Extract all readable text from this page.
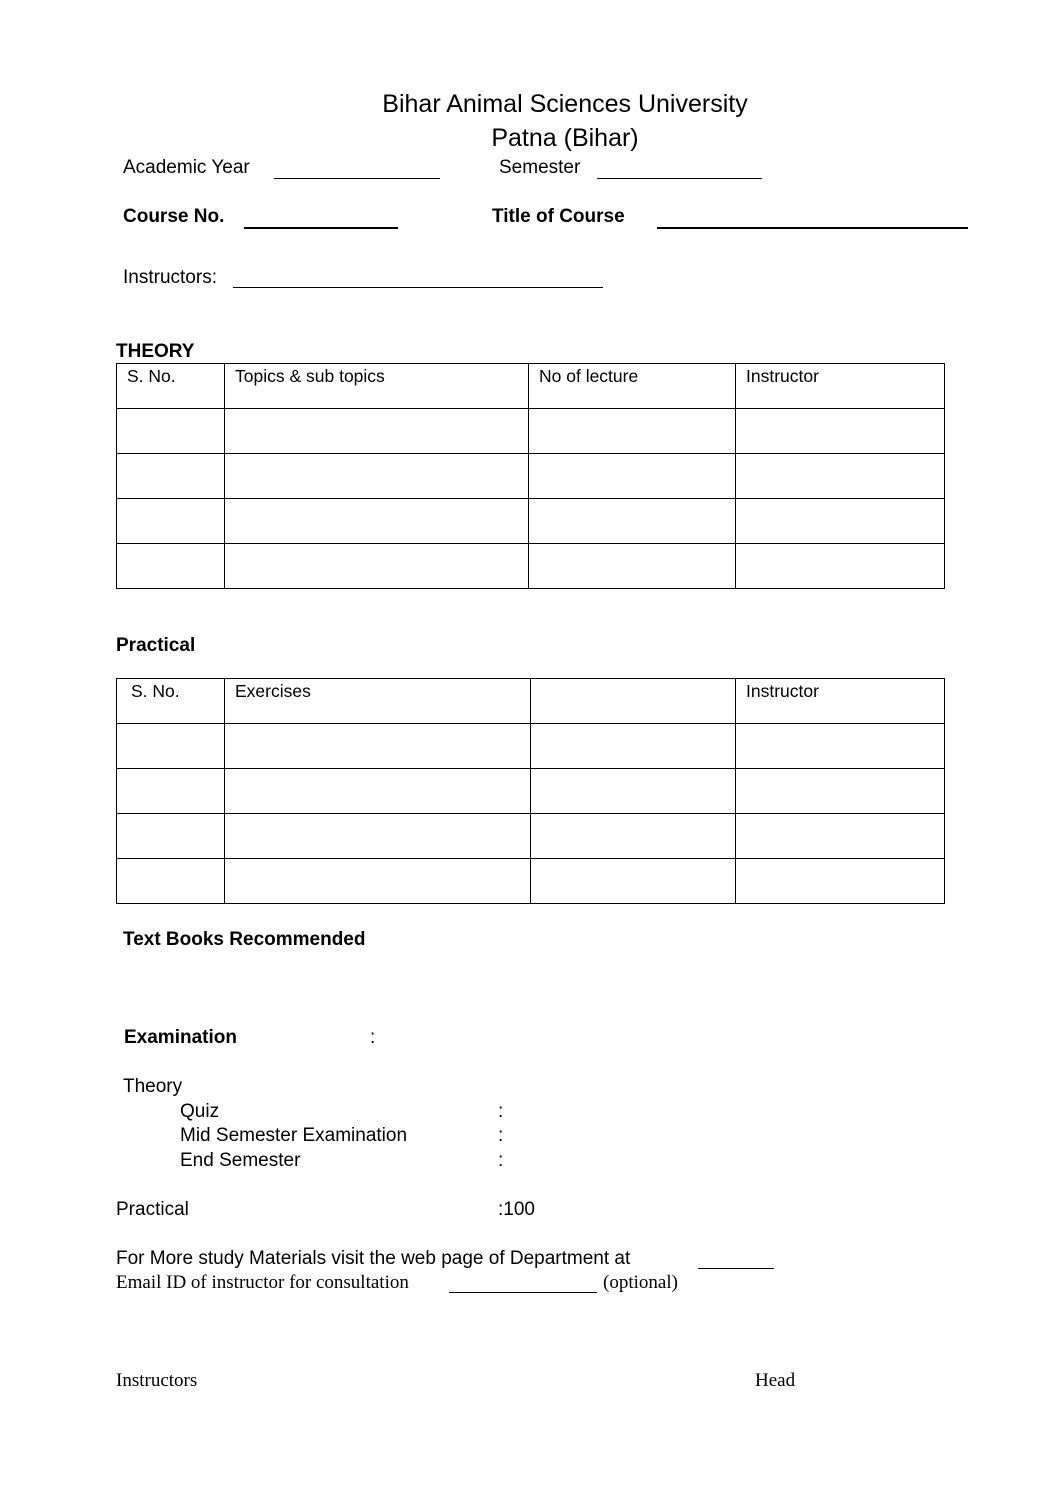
Bihar Animal Sciences University
Patna (Bihar)
Academic Year	Semester
Course No.	Title of Course
Instructors:
THEORY
S. No.	Topics & sub topics	No of lecture	Instructor

Practical
S. No.	Exercises		Instructor

Text Books Recommended
Examination	:
Theory
Quiz	:
Mid Semester Examination	:
End Semester	:
Practical	:100
For More study Materials visit the web page of Department at
Email ID of instructor for consultation	(optional)
Instructors	Head
